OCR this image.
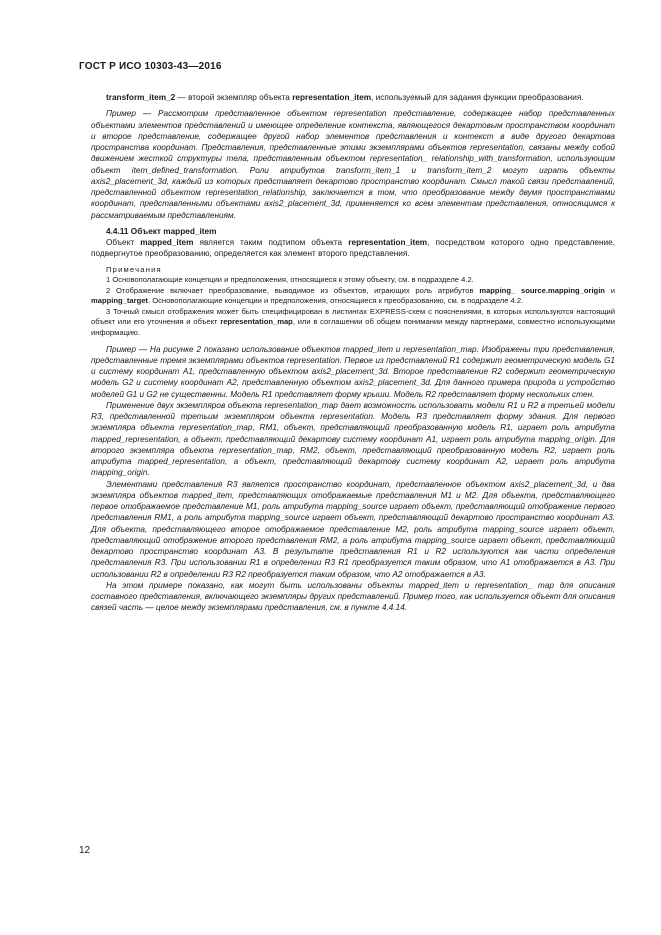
ГОСТ Р ИСО 10303-43—2016

transform_item_2 — второй экземпляр объекта representation_item, используемый для задания функции преобразования.

Пример — Рассмотрим представленное объектом representation представление, содержащее набор представленных объектами элементов представлений и имеющее определение контекста, являющегося декартовым пространством координат и второе представление, содержащее другой набор элементов представления и контекст в виде другого декартова пространства координат. Представления, представленные этими экземплярами объектов representation, связаны между собой движением жесткой структуры тела, представленным объектом representation_ relationship_with_transformation, использующим объект item_defined_transformation. Роли атрибутов transform_item_1 и transform_item_2 могут играть объекты axis2_placement_3d, каждый из которых представляет декартово пространство координат. Смысл такой связи представлений, представленной объектом representation_relationship, заключается в том, что преобразование между двумя пространствами координат, представленными объектами axis2_placement_3d, применяется ко всем элементам представления, относящимся к рассматриваемым представлениям.

4.4.11 Объект mapped_item

Объект mapped_item является таким подтипом объекта representation_item, посредством которого одно представление, подвергнутое преобразованию, определяется как элемент второго представления.

Примечания

1 Основополагающие концепции и предположения, относящиеся к этому объекту, см. в подразделе 4.2.

2 Отображение включает преобразование, выводимое из объектов, играющих роль атрибутов mapping_ source.mapping_origin и mapping_target. Основополагающие концепции и предположения, относящиеся к преобразованию, см. в подразделе 4.2.

3 Точный смысл отображения может быть специфицирован в листингах EXPRESS-схем с пояснениями, в которых используются настоящий объект или его уточнения и объект representation_map, или в соглашении об общем понимании между партнерами, совместно использующими информацию.

Пример — На рисунке 2 показано использование объектов mapped_item и representation_map. Изображены три представления, представленные тремя экземплярами объектов representation. Первое из представлений R1 содержит геометрическую модель G1 и систему координат A1, представленную объектом axis2_placement_3d. Второе представление R2 содержит геометрическую модель G2 и систему координат A2, представленную объектом axis2_placement_3d. Для данного примера природа и устройство моделей G1 и G2 не существенны. Модель R1 представляет форму крыши. Модель R2 представляет форму нескольких стен.

Применение двух экземпляров объекта representation_map дает возможность использовать модели R1 и R2 в третьей модели R3, представленной третьим экземпляром объекта representation. Модель R3 представляет форму здания. Для первого экземпляра объекта representation_map, RM1, объект, представляющий преобразованную модель R1, играет роль атрибута mapped_representation, а объект, представляющий декартову систему координат A1, играет роль атрибута mapping_origin. Для второго экземпляра объекта representation_map, RM2, объект, представляющий преобразованную модель R2, играет роль атрибута mapped_representation, а объект, представляющий декартову систему координат A2, играет роль атрибута mapping_origin.

Элементами представления R3 является пространство координат, представленное объектом axis2_placement_3d, и два экземпляра объектов mapped_item, представляющих отображаемые представления M1 и M2. Для объекта, представляющего первое отображаемое представление M1, роль атрибута mapping_source играет объект, представляющий отображение первого представления RM1, а роль атрибута mapping_source играет объект, представляющий декартово пространство координат A3. Для объекта, представляющего второе отображаемое представление M2, роль атрибута mapping_source играет объект, представляющий отображение второго представления RM2, а роль атрибута mapping_source играет объект, представляющий декартово пространство координат A3. В результате представления R1 и R2 используются как части определения представления R3. При использовании R1 в определении R3 R1 преобразуется таким образом, что A1 отображается в A3. При использовании R2 в определении R3 R2 преобразуется таким образом, что A2 отображается в A3.

На этом примере показано, как могут быть использованы объекты mapped_item и representation_ map для описания составного представления, включающего экземпляры других представлений. Пример того, как используется объект для описания связей часть — целое между экземплярами представления, см. в пункте 4.4.14.

12
